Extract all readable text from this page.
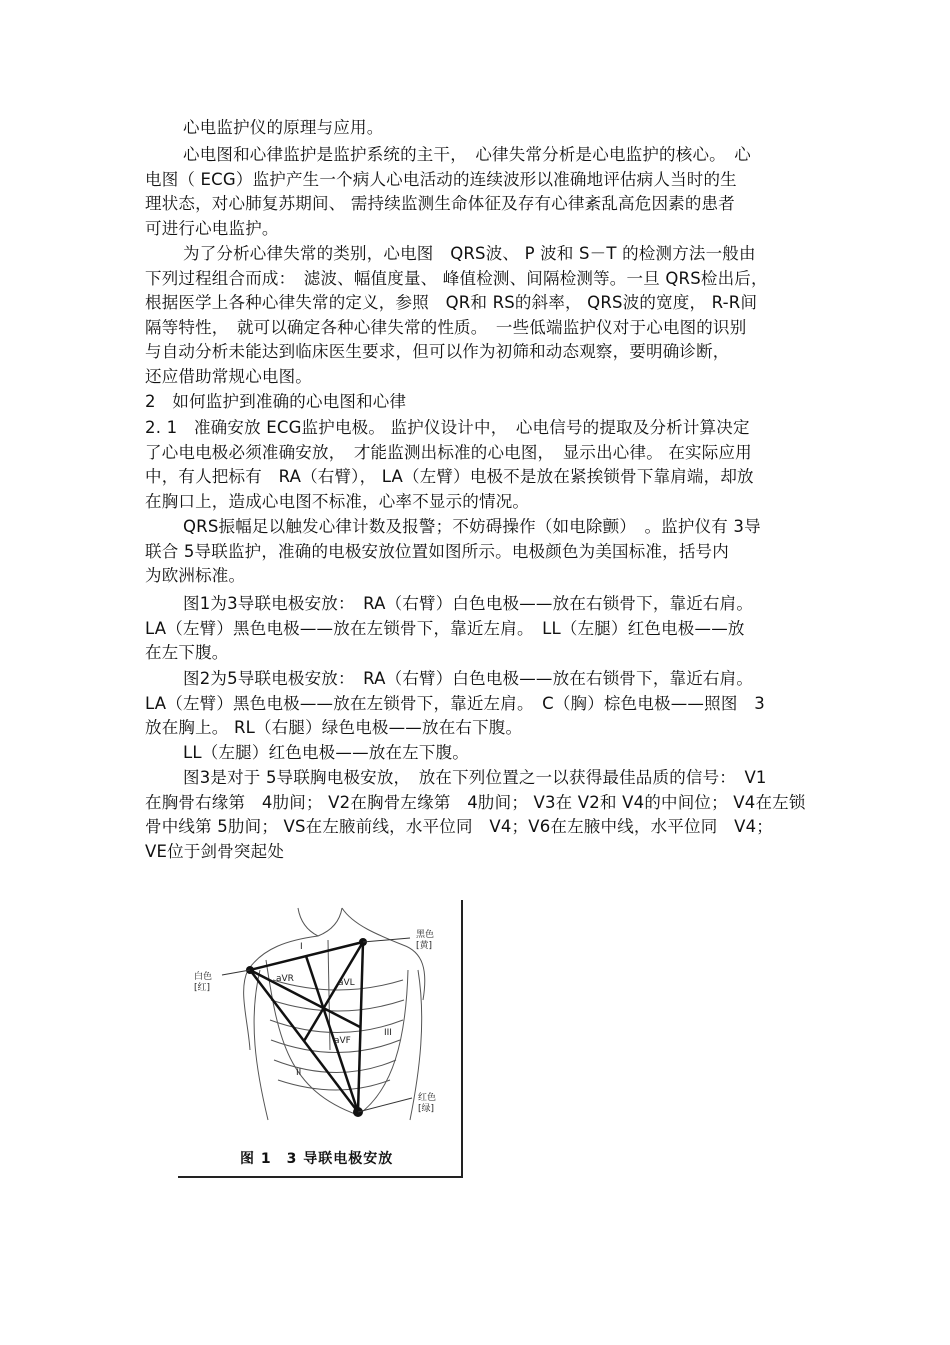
心电监护仪的原理与应用。
心电图和心律监护是监护系统的主干，　心律失常分析是心电监护的核心。　心
电图（ ECG）监护产生一个病人心电活动的连续波形以准确地评估病人当时的生
理状态，对心肺复苏期间、 需持续监测生命体征及存有心律紊乱高危因素的患者
可进行心电监护。
为了分析心律失常的类别，心电图　QRS波、 P 波和 S－T 的检测方法一般由
下列过程组合而成：　滤波、幅值度量、 峰值检测、间隔检测等。一旦 QRS检出后，
根据医学上各种心律失常的定义，参照　QR和 RS的斜率， QRS波的宽度， R-R间
隔等特性，　就可以确定各种心律失常的性质。　一些低端监护仪对于心电图的识别
与自动分析未能达到临床医生要求，但可以作为初筛和动态观察，要明确诊断，
还应借助常规心电图。
2　如何监护到准确的心电图和心律
2. 1　准确安放 ECG监护电极。 监护仪设计中，　心电信号的提取及分析计算决定
了心电电极必须准确安放，　才能监测出标准的心电图，　显示出心律。 在实际应用
中，有人把标有　RA（右臂）， LA（左臂）电极不是放在紧挨锁骨下靠肩端，却放
在胸口上，造成心电图不标准，心率不显示的情况。
QRS振幅足以触发心律计数及报警；不妨碍操作（如电除颤）　。监护仪有 3导
联合 5导联监护，准确的电极安放位置如图所示。电极颜色为美国标准，括号内
为欧洲标准。
图1为3导联电极安放：　RA（右臂）白色电极——放在右锁骨下，靠近右肩。
LA（左臂）黑色电极——放在左锁骨下，靠近左肩。　LL（左腿）红色电极——放
在左下腹。
图2为5导联电极安放：　RA（右臂）白色电极——放在右锁骨下，靠近右肩。
LA（左臂）黑色电极——放在左锁骨下，靠近左肩。　C（胸）棕色电极——照图　3
放在胸上。 RL（右腿）绿色电极——放在右下腹。
LL（左腿）红色电极——放在左下腹。
图3是对于 5导联胸电极安放，　放在下列位置之一以获得最佳品质的信号：　V1
在胸骨右缘第　4肋间； V2在胸骨左缘第　4肋间； V3在 V2和 V4的中间位； V4在左锁
骨中线第 5肋间； VS在左腋前线，水平位同　V4；V6在左腋中线，水平位同　V4；
VE位于剑骨突起处
白色
[红]
黑色
[黄]
红色
[绿]
aVR	aVL
aVF
I
II
III
图 1　3 导联电极安放
